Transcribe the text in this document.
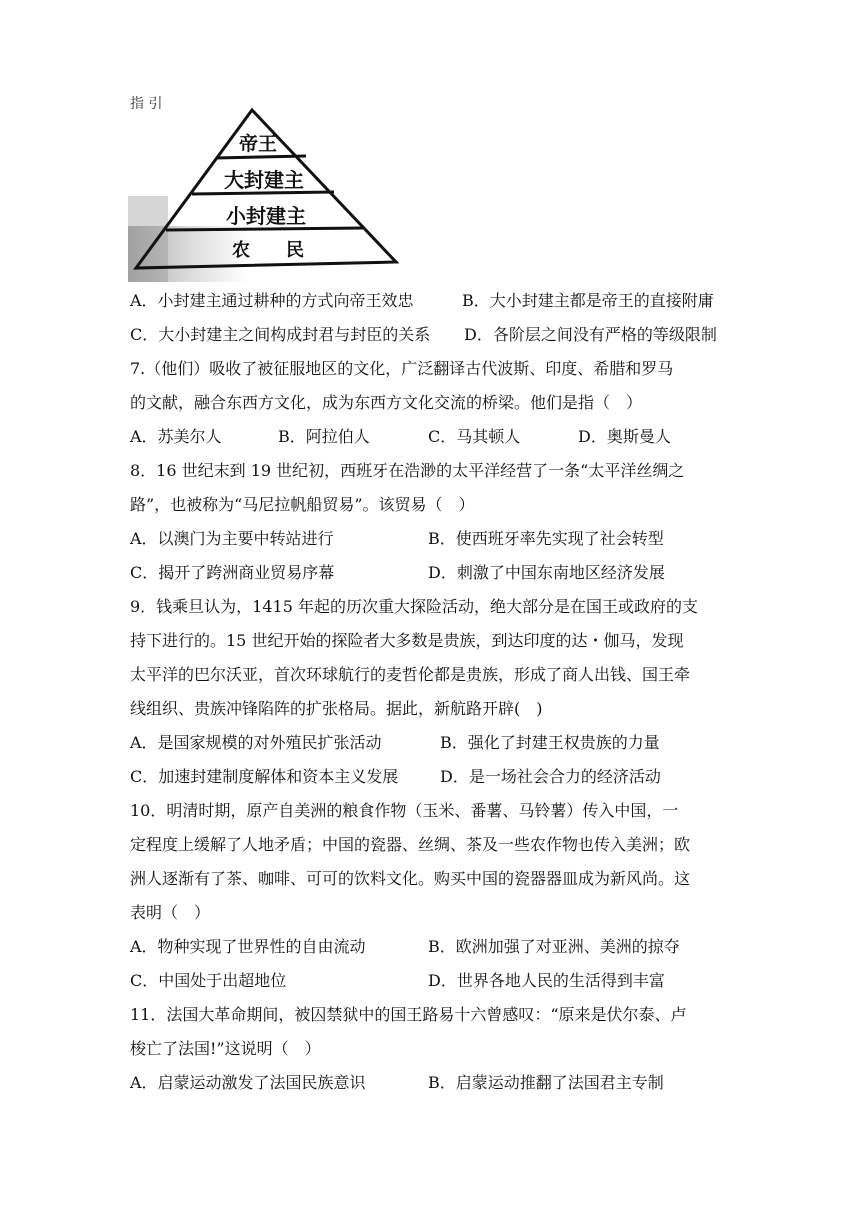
指 引
帝王
大封建主
小封建主
农　　民
A．小封建主通过耕种的方式向帝王效忠	B．大小封建主都是帝王的直接附庸
C．大小封建主之间构成封君与封臣的关系 D．各阶层之间没有严格的等级限制
7.（他们）吸收了被征服地区的文化，广泛翻译古代波斯、印度、希腊和罗马
的文献，融合东西方文化，成为东西方文化交流的桥梁。他们是指（　）
A．苏美尔人	B．阿拉伯人	C．马其顿人	D．奥斯曼人
8．16 世纪末到 19 世纪初，西班牙在浩渺的太平洋经营了一条“太平洋丝绸之
路”，也被称为“马尼拉帆船贸易”。该贸易（　）
A．以澳门为主要中转站进行	B．使西班牙率先实现了社会转型
C．揭开了跨洲商业贸易序幕	D．刺激了中国东南地区经济发展
9．钱乘旦认为，1415 年起的历次重大探险活动，绝大部分是在国王或政府的支
持下进行的。15 世纪开始的探险者大多数是贵族，到达印度的达・伽马，发现
太平洋的巴尔沃亚，首次环球航行的麦哲伦都是贵族，形成了商人出钱、国王牵
线组织、贵族冲锋陷阵的扩张格局。据此，新航路开辟(　)
A．是国家规模的对外殖民扩张活动	B．强化了封建王权贵族的力量
C．加速封建制度解体和资本主义发展	D．是一场社会合力的经济活动
10．明清时期，原产自美洲的粮食作物（玉米、番薯、马铃薯）传入中国，一
定程度上缓解了人地矛盾；中国的瓷器、丝绸、茶及一些农作物也传入美洲；欧
洲人逐渐有了茶、咖啡、可可的饮料文化。购买中国的瓷器器皿成为新风尚。这
表明（　）
A．物种实现了世界性的自由流动	B．欧洲加强了对亚洲、美洲的掠夺
C．中国处于出超地位	D．世界各地人民的生活得到丰富
11．法国大革命期间，被囚禁狱中的国王路易十六曾感叹：“原来是伏尔泰、卢
梭亡了法国!”这说明（　）
A．启蒙运动激发了法国民族意识	B．启蒙运动推翻了法国君主专制
